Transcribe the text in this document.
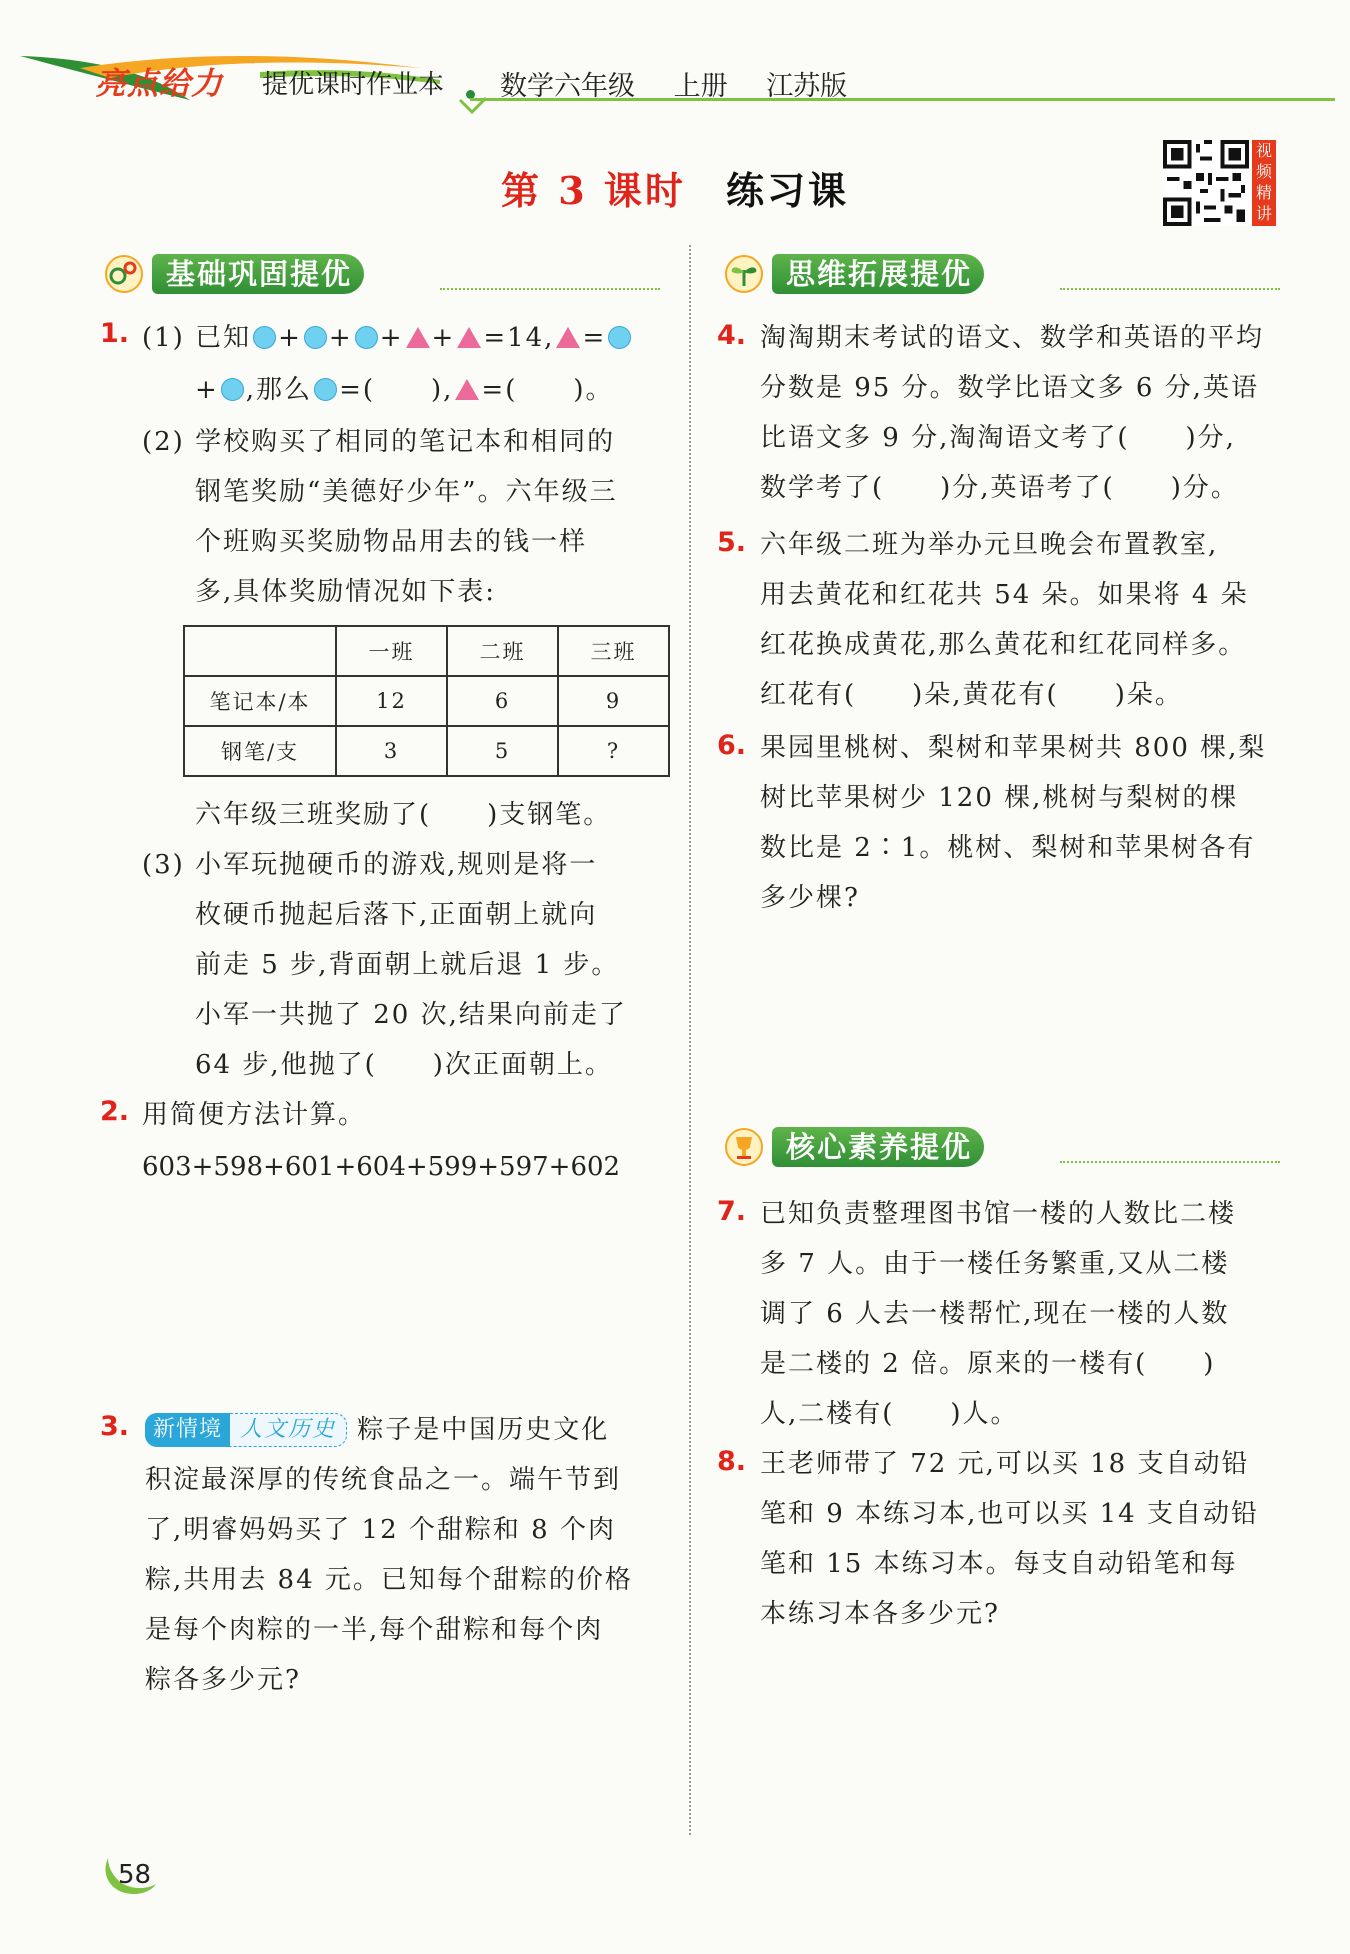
亮点给力 提优课时作业本 数学六年级 上册 江苏版
第 3 课时 练习课
视频精讲
基础巩固提优
1. (1) 已知 + + + + =14, =
+ ,那么 =(　　), =(　　)。
(2) 学校购买了相同的笔记本和相同的
钢笔奖励“美德好少年”。六年级三
个班购买奖励物品用去的钱一样
多,具体奖励情况如下表:
	一班	二班	三班
笔记本/本	12	6	9
钢笔/支	3	5	?
六年级三班奖励了(　　)支钢笔。
(3) 小军玩抛硬币的游戏,规则是将一
枚硬币抛起后落下,正面朝上就向
前走 5 步,背面朝上就后退 1 步。
小军一共抛了 20 次,结果向前走了
64 步,他抛了(　　)次正面朝上。
2. 用简便方法计算。
603+598+601+604+599+597+602
3.	新情境 人文历史 粽子是中国历史文化
积淀最深厚的传统食品之一。端午节到
了,明睿妈妈买了 12 个甜粽和 8 个肉
粽,共用去 84 元。已知每个甜粽的价格
是每个肉粽的一半,每个甜粽和每个肉
粽各多少元?
思维拓展提优
4. 淘淘期末考试的语文、数学和英语的平均
分数是 95 分。数学比语文多 6 分,英语
比语文多 9 分,淘淘语文考了(　　)分,
数学考了(　　)分,英语考了(　　)分。
5. 六年级二班为举办元旦晚会布置教室,
用去黄花和红花共 54 朵。如果将 4 朵
红花换成黄花,那么黄花和红花同样多。
红花有(　　)朵,黄花有(　　)朵。
6. 果园里桃树、梨树和苹果树共 800 棵,梨
树比苹果树少 120 棵,桃树与梨树的棵
数比是 2∶1。桃树、梨树和苹果树各有
多少棵?
核心素养提优
7. 已知负责整理图书馆一楼的人数比二楼
多 7 人。由于一楼任务繁重,又从二楼
调了 6 人去一楼帮忙,现在一楼的人数
是二楼的 2 倍。原来的一楼有(　　)
人,二楼有(　　)人。
8. 王老师带了 72 元,可以买 18 支自动铅
笔和 9 本练习本,也可以买 14 支自动铅
笔和 15 本练习本。每支自动铅笔和每
本练习本各多少元?
58
